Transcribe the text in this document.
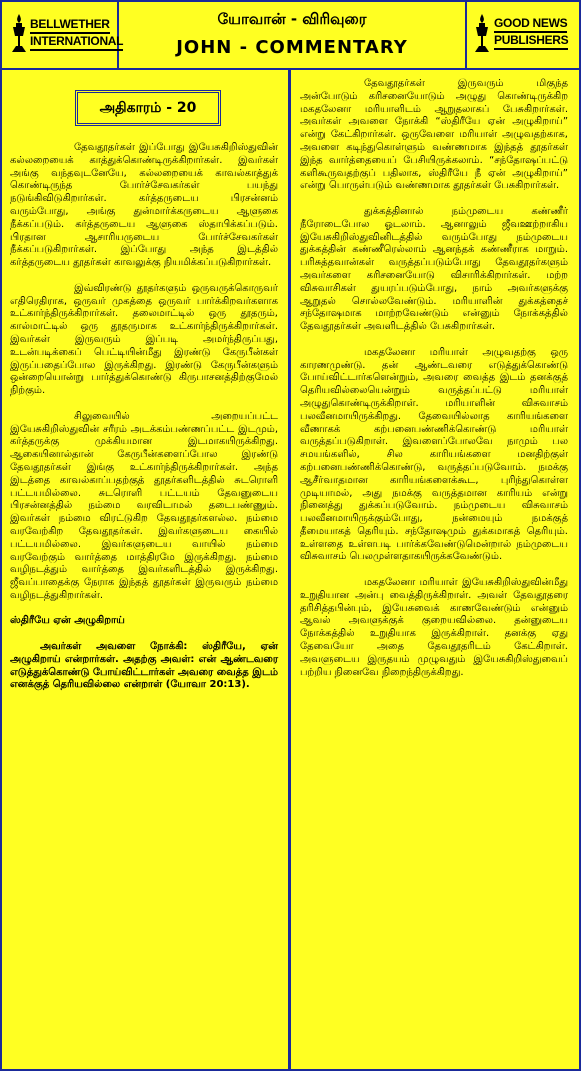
BELLWETHER
INTERNATIONAL
யோவான் - விரிவுரை
JOHN - COMMENTARY
GOOD NEWS
PUBLISHERS
அதிகாரம் - 20

தேவதூதர்கள் இப்போது இயேசுகிறிஸ்துவின் கல்லறையைக் காத்துக்கொண்டிருக்கிறார்கள். இவர்கள் அங்கு வந்தவுடனேயே, கல்லறையைக் காவல்காத்துக் கொண்டிருந்த போர்ச்சேவகர்கள் பயந்து நடுங்கிவிடுகிறார்கள். கர்த்தருடைய பிரசன்னம் வரும்போது, அங்கு துன்மார்க்கருடைய ஆளுகை நீக்கப்படும். கர்த்தருடைய ஆளுகை ஸ்தாபிக்கப்படும். பிரதான ஆசாரியருடைய போர்ச்சேவகர்கள் நீக்கப்படுகிறார்கள். இப்போது அந்த இடத்தில் கர்த்தருடைய தூதர்கள் காவலுக்கு நியமிக்கப்படுகிறார்கள்.

இவ்விரண்டு தூதர்களும் ஒருவருக்கொருவர் எதிரெதிராக, ஒருவர் முகத்தை ஒருவர் பார்க்கிறவர்களாக உட்கார்ந்திருக்கிறார்கள். தலைமாட்டில் ஒரு தூதரும், கால்மாட்டில் ஒரு தூதருமாக உட்கார்ந்திருக்கிறார்கள். இவர்கள் இருவரும் இப்படி அமர்ந்திருப்பது, உடன்படிக்கைப் பெட்டியின்மீது இரண்டு கேருபீன்கள் இருப்பதைப்போல இருக்கிறது. இரண்டு கேருபீன்களும் ஒன்றையொன்று பார்த்துக்கொண்டு கிருபாசனத்திற்குமேல் நிற்கும்.

சிலுவையில் அறையப்பட்ட இயேசுகிறிஸ்துவின் சரீரம் அடக்கம்பண்ணப்பட்ட இடமும், கர்த்தருக்கு முக்கியமான இடமாகயிருக்கிறது. ஆகையினால்தான் கேருபீன்களைப்போல இரண்டு தேவதூதர்கள் இங்கு உட்கார்ந்திருக்கிறார்கள். அந்த இடத்தை காவல்காப்பதற்குத் தூதர்களிடத்தில் சுடரொளி பட்டயமில்லை. சுடரொளி பட்டயம் தேவனுடைய பிரசன்னத்தில் நம்மை வரவிடாமல் தடைபண்ணும். இவர்கள் நம்மை விரட்டுகிற தேவதூதர்களல்ல. நம்மை வரவேற்கிற தேவதூதர்கள். இவர்களுடைய கையில் பட்டயமில்லை. இவர்களுடைய வாயில் நம்மை வரவேற்கும் வார்த்தை மாத்திரமே இருக்கிறது. நம்மை வழிநடத்தும் வார்த்தை இவர்களிடத்தில் இருக்கிறது. ஜீவப்பாதைக்கு நேராக இந்தத் தூதர்கள் இருவரும் நம்மை வழிநடத்துகிறார்கள்.

ஸ்திரீயே ஏன் அழுகிறாய்

அவர்கள் அவளை நோக்கி: ஸ்திரீயே, ஏன் அழுகிறாய் என்றார்கள். அதற்கு அவள்: என் ஆண்டவரை எடுத்துக்கொண்டு போய்விட்டார்கள் அவரை வைத்த இடம் எனக்குத் தெரியவில்லை என்றாள் (யோவா 20:13).

தேவதூதர்கள் இருவரும் மிகுந்த அன்போடும் கரிசனையோடும் அழுது கொண்டிருக்கிற மகதலேனா மரியாளிடம் ஆறுதலாகப் பேசுகிறார்கள். அவர்கள் அவளை நோக்கி “ஸ்திரீயே ஏன் அழுகிறாய்” என்று கேட்கிறார்கள். ஒருவேளை மரியாள் அழுவதற்காக, அவளை கடிந்துகொள்ளும் வண்ணமாக இந்தத் தூதர்கள் இந்த வார்த்தையைப் பேசியிருக்கலாம். “சந்தோஷப்பட்டு களிகூருவதற்குப் பதிலாக, ஸ்திரீயே நீ ஏன் அழுகிறாய்” என்று பொருள்படும் வண்ணமாக தூதர்கள் பேசுகிறார்கள்.

துக்கத்தினால் நம்முடைய கண்ணீர் நீரோடைபோல ஓடலாம். ஆனாலும் ஜீவஊற்றாகிய இயேசுகிறிஸ்துவினிடத்தில் வரும்போது நம்முடைய துக்கத்தின் கண்ணீரெல்லாம் ஆனந்தக் கண்ணீராக மாறும். பரிசுத்தவான்கள் வருத்தப்படும்போது தேவதூதர்களும் அவர்களை கரிசனையோடு விசாரிக்கிறார்கள். மற்ற விசுவாசிகள் துயரப்படும்போது, நாம் அவர்களுக்கு ஆறுதல் சொல்லவேண்டும். மரியாளின் துக்கத்தைச் சந்தோஷமாக மாற்றவேண்டும் என்னும் நோக்கத்தில் தேவதூதர்கள் அவளிடத்தில் பேசுகிறார்கள்.

மகதலேனா மரியாள் அழுவதற்கு ஒரு காரணமுண்டு. தன் ஆண்டவரை எடுத்துக்கொண்டு போய்விட்டார்களென்றும், அவரை வைத்த இடம் தனக்குத் தெரியவில்லையென்றும் வருத்தப்பட்டு மரியாள் அழுதுகொண்டிருக்கிறாள். மரியாளின் விசுவாசம் பலவீனமாயிருக்கிறது. தேவையில்லாத காரியங்களை வீணாகக் கற்பனைபண்ணிக்கொண்டு மரியாள் வருத்தப்படுகிறாள். இவளைப்போலவே நாமும் பல சமயங்களில், சில காரியங்களை மனதிற்குள் கற்பனைபண்ணிக்கொண்டு, வருத்தப்படுவோம். நமக்கு ஆசீர்வாதமான காரியங்களைக்கூட, புரிந்துகொள்ள முடியாமல், அது நமக்கு வருத்தமான காரியம் என்று நினைத்து துக்கப்படுவோம். நம்முடைய விசுவாசம் பலவீனமாயிருக்கும்போது, நன்மையும் நமக்குத் தீமையாகத் தெரியும். சந்தோஷமும் துக்கமாகத் தெரியும். உள்ளதை உள்ளபடி பார்க்கவேண்டுமென்றால் நம்முடைய விசுவாசம் பெலமுள்ளதாகயிருக்கவேண்டும்.

மகதலேனா மரியாள் இயேசுகிறிஸ்துவின்மீது உறுதியான அன்பு வைத்திருக்கிறாள். அவள் தேவதூதரை தரிசித்தபின்பும், இயேசுவைக் காணவேண்டும் என்னும் ஆவல் அவளுக்குக் குறையவில்லை. தன்னுடைய நோக்கத்தில் உறுதியாக இருக்கிறாள். தனக்கு ஏது தேவையோ அதை தேவதூதரிடம் கேட்கிறாள். அவளுடைய இருதயம் முழுவதும் இயேசுகிறிஸ்துவைப் பற்றிய நினைவே நிறைந்திருக்கிறது.
